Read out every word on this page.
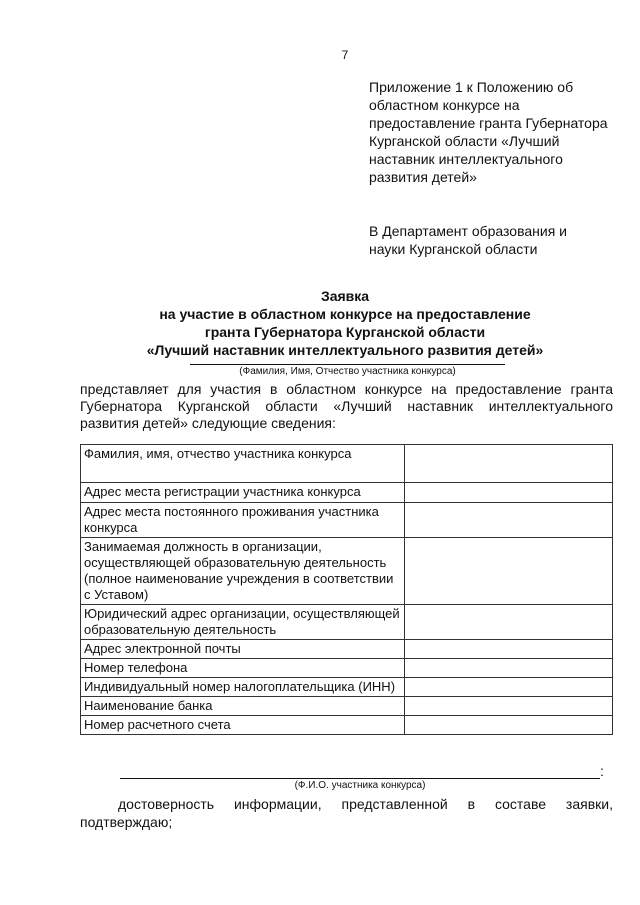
7
Приложение 1 к Положению об
областном конкурсе на
предоставление гранта Губернатора
Курганской области «Лучший
наставник интеллектуального
развития детей»
В Департамент образования и
науки Курганской области
Заявка
на участие в областном конкурсе на предоставление
гранта Губернатора Курганской области
«Лучший наставник интеллектуального развития детей»
(Фамилия, Имя, Отчество участника конкурса)
представляет для участия в областном конкурсе на предоставление гранта Губернатора Курганской области «Лучший наставник интеллектуального развития детей» следующие сведения:
Фамилия, имя, отчество участника конкурса	
Адрес места регистрации участника конкурса	
Адрес места постоянного проживания участника конкурса	
Занимаемая должность в организации, осуществляющей образовательную деятельность (полное наименование учреждения в соответствии с Уставом)	
Юридический адрес организации, осуществляющей образовательную деятельность	
Адрес электронной почты	
Номер телефона	
Индивидуальный номер налогоплательщика (ИНН)	
Наименование банка	
Номер расчетного счета	
:
(Ф.И.О. участника конкурса)
достоверность информации, представленной в составе заявки, подтверждаю;
